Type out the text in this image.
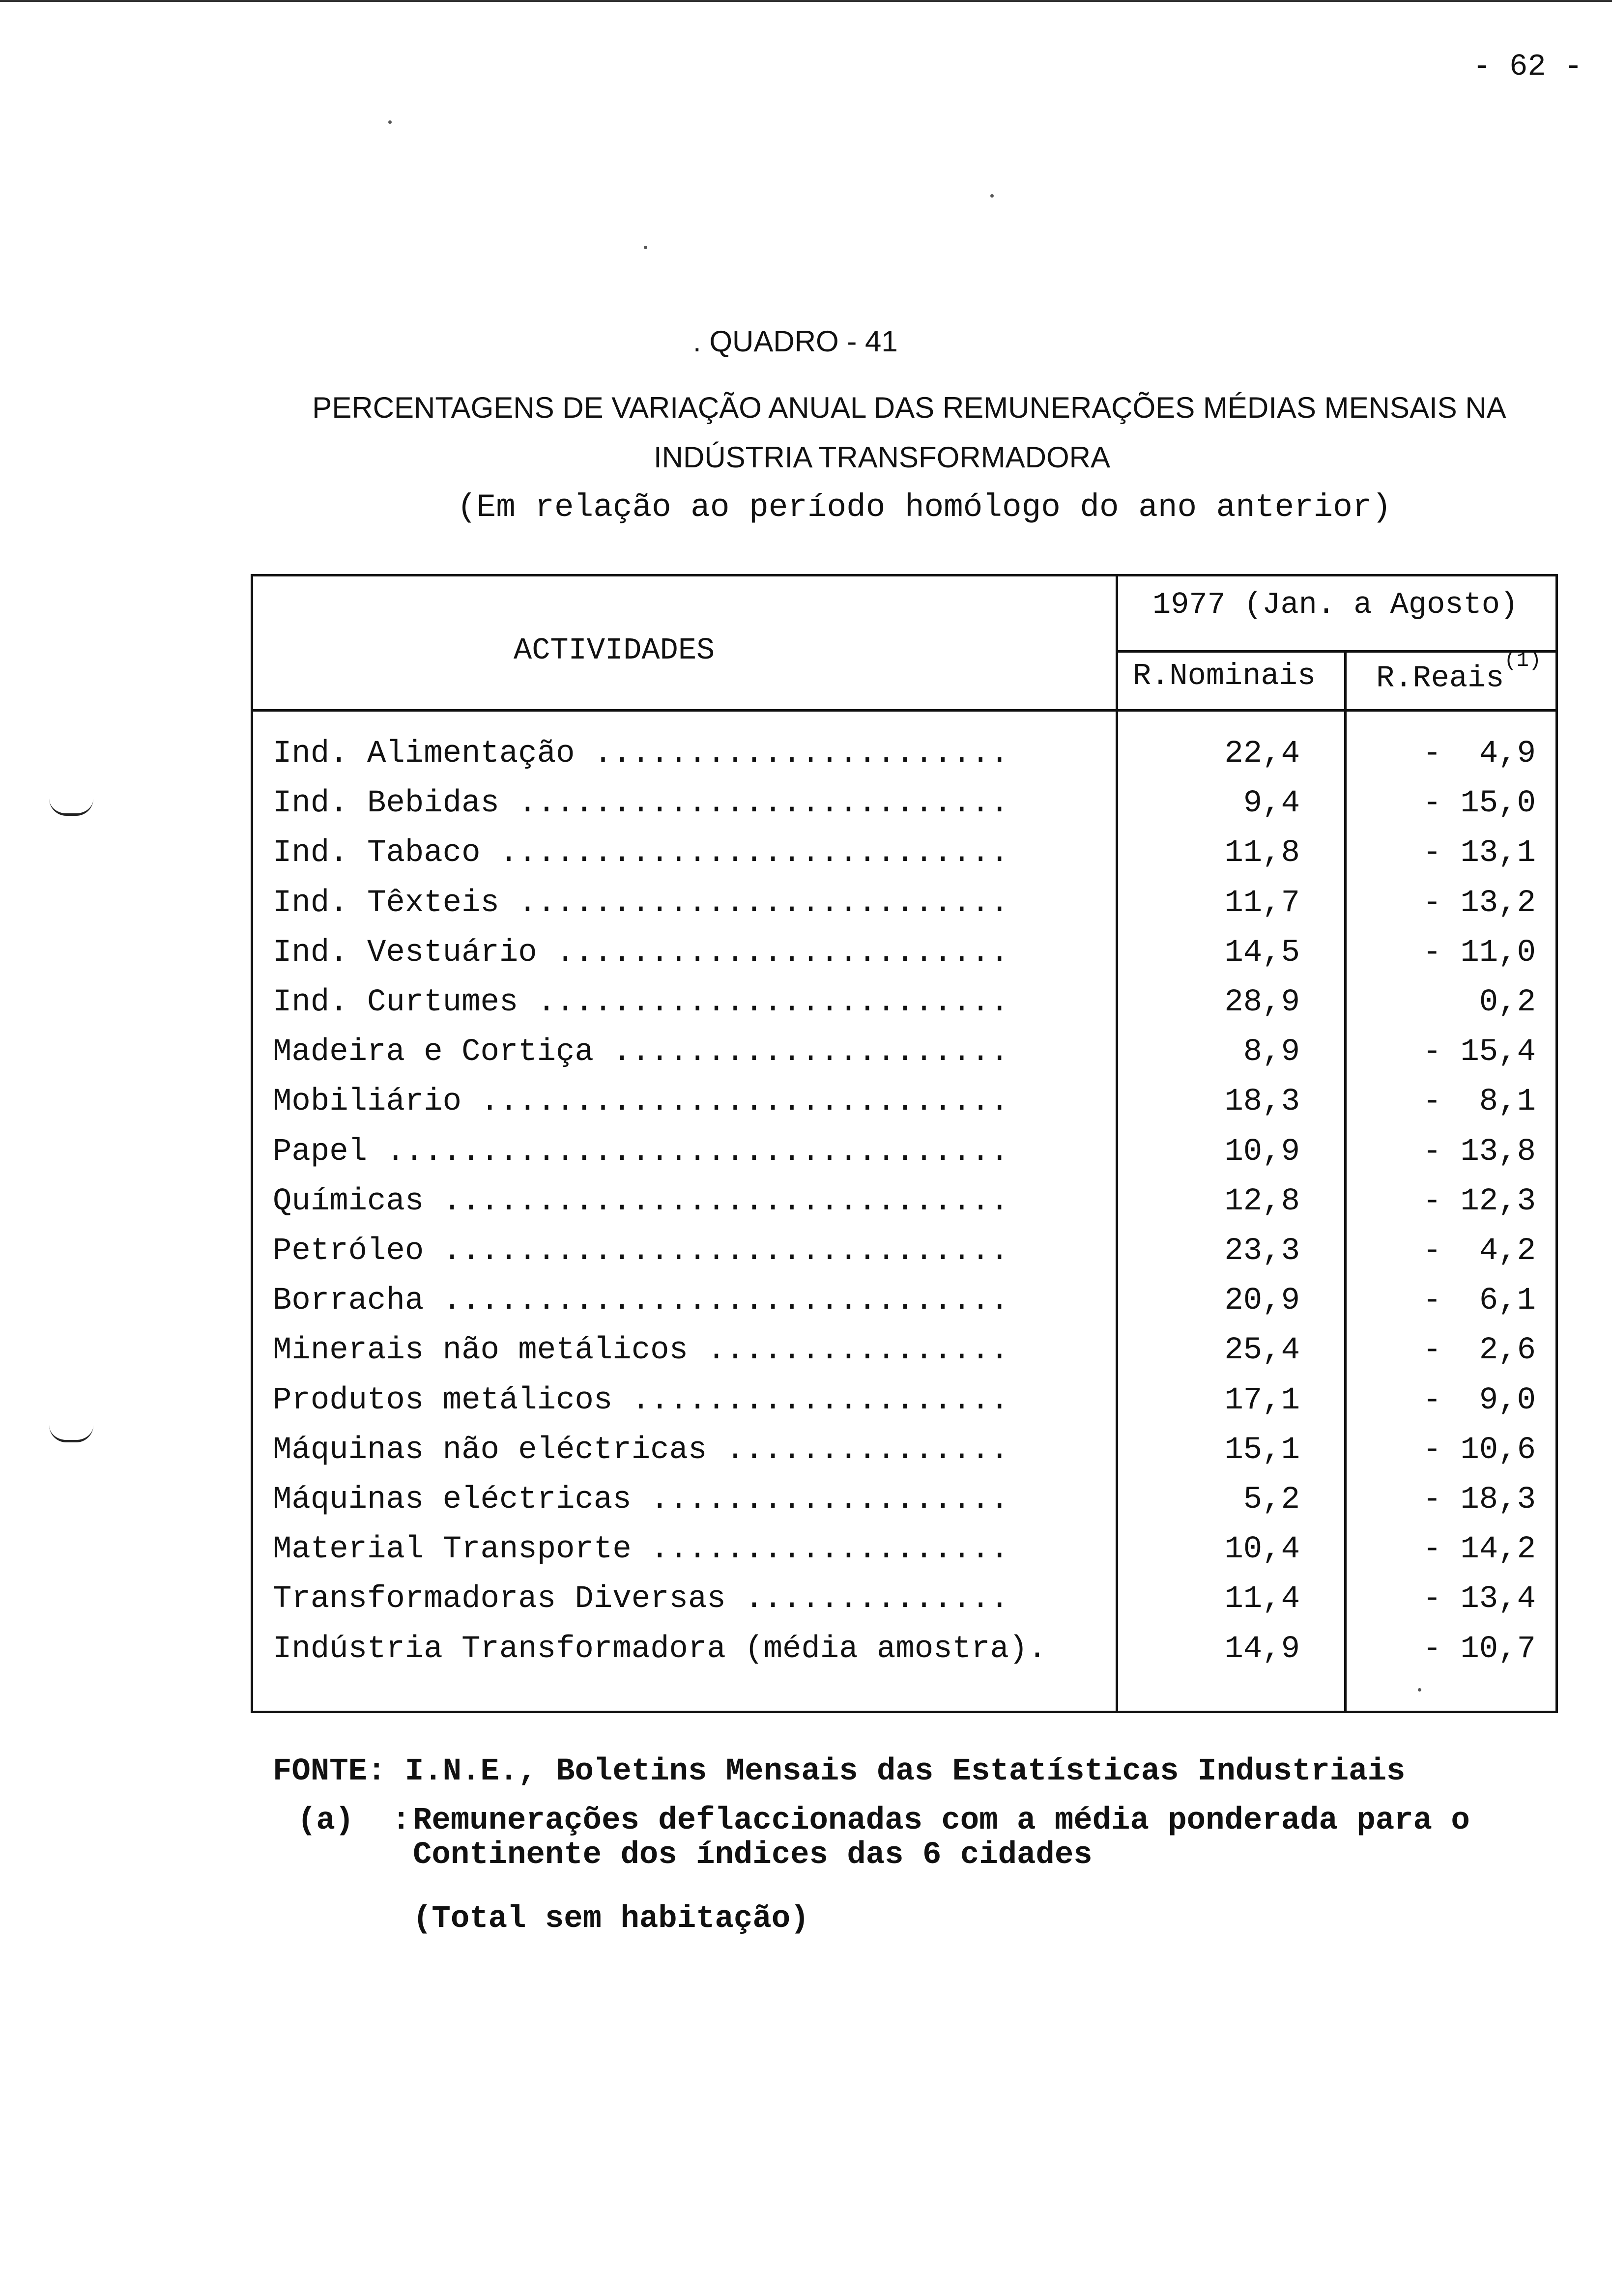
- 62 -
. QUADRO - 41
PERCENTAGENS DE VARIAÇÃO ANUAL DAS REMUNERAÇÕES MÉDIAS MENSAIS NA
INDÚSTRIA TRANSFORMADORA
(Em relação ao período homólogo do ano anterior)
ACTIVIDADES
1977 (Jan. a Agosto)
R.Nominais R.Reais$^{(1)}$
Ind. Alimentação ......................	22,4	-  4,9
Ind. Bebidas ..........................	9,4	- 15,0
Ind. Tabaco ...........................	11,8	- 13,1
Ind. Têxteis ..........................	11,7	- 13,2
Ind. Vestuário ........................	14,5	- 11,0
Ind. Curtumes .........................	28,9	0,2
Madeira e Cortiça .....................	8,9	- 15,4
Mobiliário ............................	18,3	-  8,1
Papel .................................	10,9	- 13,8
Químicas ..............................	12,8	- 12,3
Petróleo ..............................	23,3	-  4,2
Borracha ..............................	20,9	-  6,1
Minerais não metálicos ................	25,4	-  2,6
Produtos metálicos ....................	17,1	-  9,0
Máquinas não eléctricas ...............	15,1	- 10,6
Máquinas eléctricas ...................	5,2	- 18,3
Material Transporte ...................	10,4	- 14,2
Transformadoras Diversas ..............	11,4	- 13,4
Indústria Transformadora (média amostra).	14,9	- 10,7
FONTE: I.N.E., Boletins Mensais das Estatísticas Industriais
(a)  : Remunerações deflaccionadas com a média ponderada para o
Continente dos índices das 6 cidades
(Total sem habitação)
